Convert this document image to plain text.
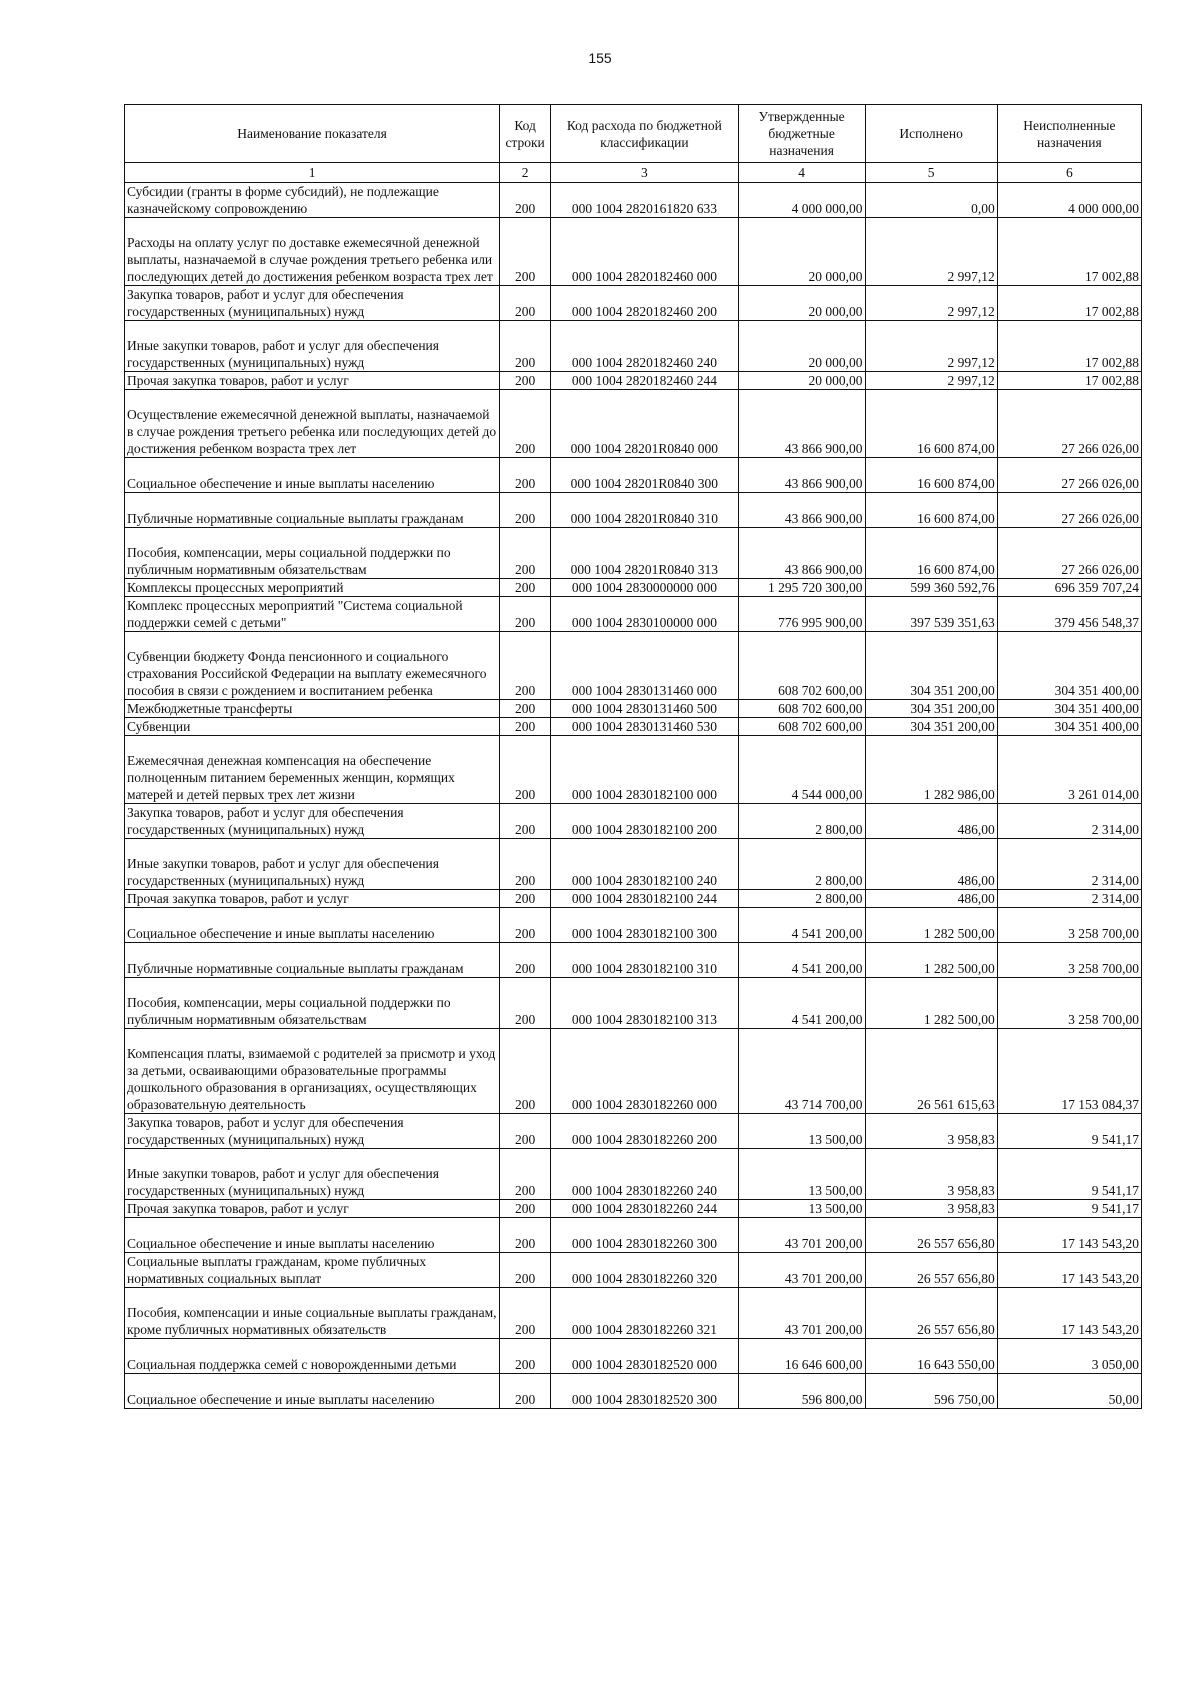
155
Наименование показателя	Код строки	Код расхода по бюджетной классификации	Утвержденные бюджетные назначения	Исполнено	Неисполненные назначения
1	2	3	4	5	6
Субсидии (гранты в форме субсидий), не подлежащие казначейскому сопровождению	200	000 1004 2820161820 633	4 000 000,00	0,00	4 000 000,00
Расходы на оплату услуг по доставке ежемесячной денежной выплаты, назначаемой в случае рождения третьего ребенка или последующих детей до достижения ребенком возраста трех лет	200	000 1004 2820182460 000	20 000,00	2 997,12	17 002,88
Закупка товаров, работ и услуг для обеспечения государственных (муниципальных) нужд	200	000 1004 2820182460 200	20 000,00	2 997,12	17 002,88
Иные закупки товаров, работ и услуг для обеспечения государственных (муниципальных) нужд	200	000 1004 2820182460 240	20 000,00	2 997,12	17 002,88
Прочая закупка товаров, работ и услуг	200	000 1004 2820182460 244	20 000,00	2 997,12	17 002,88
Осуществление ежемесячной денежной выплаты, назначаемой в случае рождения третьего ребенка или последующих детей до достижения ребенком возраста трех лет	200	000 1004 28201R0840 000	43 866 900,00	16 600 874,00	27 266 026,00
Социальное обеспечение и иные выплаты населению	200	000 1004 28201R0840 300	43 866 900,00	16 600 874,00	27 266 026,00
Публичные нормативные социальные выплаты гражданам	200	000 1004 28201R0840 310	43 866 900,00	16 600 874,00	27 266 026,00
Пособия, компенсации, меры социальной поддержки по публичным нормативным обязательствам	200	000 1004 28201R0840 313	43 866 900,00	16 600 874,00	27 266 026,00
Комплексы процессных мероприятий	200	000 1004 2830000000 000	1 295 720 300,00	599 360 592,76	696 359 707,24
Комплекс процессных мероприятий "Система социальной поддержки семей с детьми"	200	000 1004 2830100000 000	776 995 900,00	397 539 351,63	379 456 548,37
Субвенции бюджету Фонда пенсионного и социального страхования Российской Федерации на выплату ежемесячного пособия в связи с рождением и воспитанием ребенка	200	000 1004 2830131460 000	608 702 600,00	304 351 200,00	304 351 400,00
Межбюджетные трансферты	200	000 1004 2830131460 500	608 702 600,00	304 351 200,00	304 351 400,00
Субвенции	200	000 1004 2830131460 530	608 702 600,00	304 351 200,00	304 351 400,00
Ежемесячная денежная компенсация на обеспечение полноценным питанием беременных женщин, кормящих матерей и детей первых трех лет жизни	200	000 1004 2830182100 000	4 544 000,00	1 282 986,00	3 261 014,00
Закупка товаров, работ и услуг для обеспечения государственных (муниципальных) нужд	200	000 1004 2830182100 200	2 800,00	486,00	2 314,00
Иные закупки товаров, работ и услуг для обеспечения государственных (муниципальных) нужд	200	000 1004 2830182100 240	2 800,00	486,00	2 314,00
Прочая закупка товаров, работ и услуг	200	000 1004 2830182100 244	2 800,00	486,00	2 314,00
Социальное обеспечение и иные выплаты населению	200	000 1004 2830182100 300	4 541 200,00	1 282 500,00	3 258 700,00
Публичные нормативные социальные выплаты гражданам	200	000 1004 2830182100 310	4 541 200,00	1 282 500,00	3 258 700,00
Пособия, компенсации, меры социальной поддержки по публичным нормативным обязательствам	200	000 1004 2830182100 313	4 541 200,00	1 282 500,00	3 258 700,00
Компенсация платы, взимаемой с родителей за присмотр и уход за детьми, осваивающими образовательные программы дошкольного образования в организациях, осуществляющих образовательную деятельность	200	000 1004 2830182260 000	43 714 700,00	26 561 615,63	17 153 084,37
Закупка товаров, работ и услуг для обеспечения государственных (муниципальных) нужд	200	000 1004 2830182260 200	13 500,00	3 958,83	9 541,17
Иные закупки товаров, работ и услуг для обеспечения государственных (муниципальных) нужд	200	000 1004 2830182260 240	13 500,00	3 958,83	9 541,17
Прочая закупка товаров, работ и услуг	200	000 1004 2830182260 244	13 500,00	3 958,83	9 541,17
Социальное обеспечение и иные выплаты населению	200	000 1004 2830182260 300	43 701 200,00	26 557 656,80	17 143 543,20
Социальные выплаты гражданам, кроме публичных нормативных социальных выплат	200	000 1004 2830182260 320	43 701 200,00	26 557 656,80	17 143 543,20
Пособия, компенсации и иные социальные выплаты гражданам, кроме публичных нормативных обязательств	200	000 1004 2830182260 321	43 701 200,00	26 557 656,80	17 143 543,20
Социальная поддержка семей с новорожденными детьми	200	000 1004 2830182520 000	16 646 600,00	16 643 550,00	3 050,00
Социальное обеспечение и иные выплаты населению	200	000 1004 2830182520 300	596 800,00	596 750,00	50,00
